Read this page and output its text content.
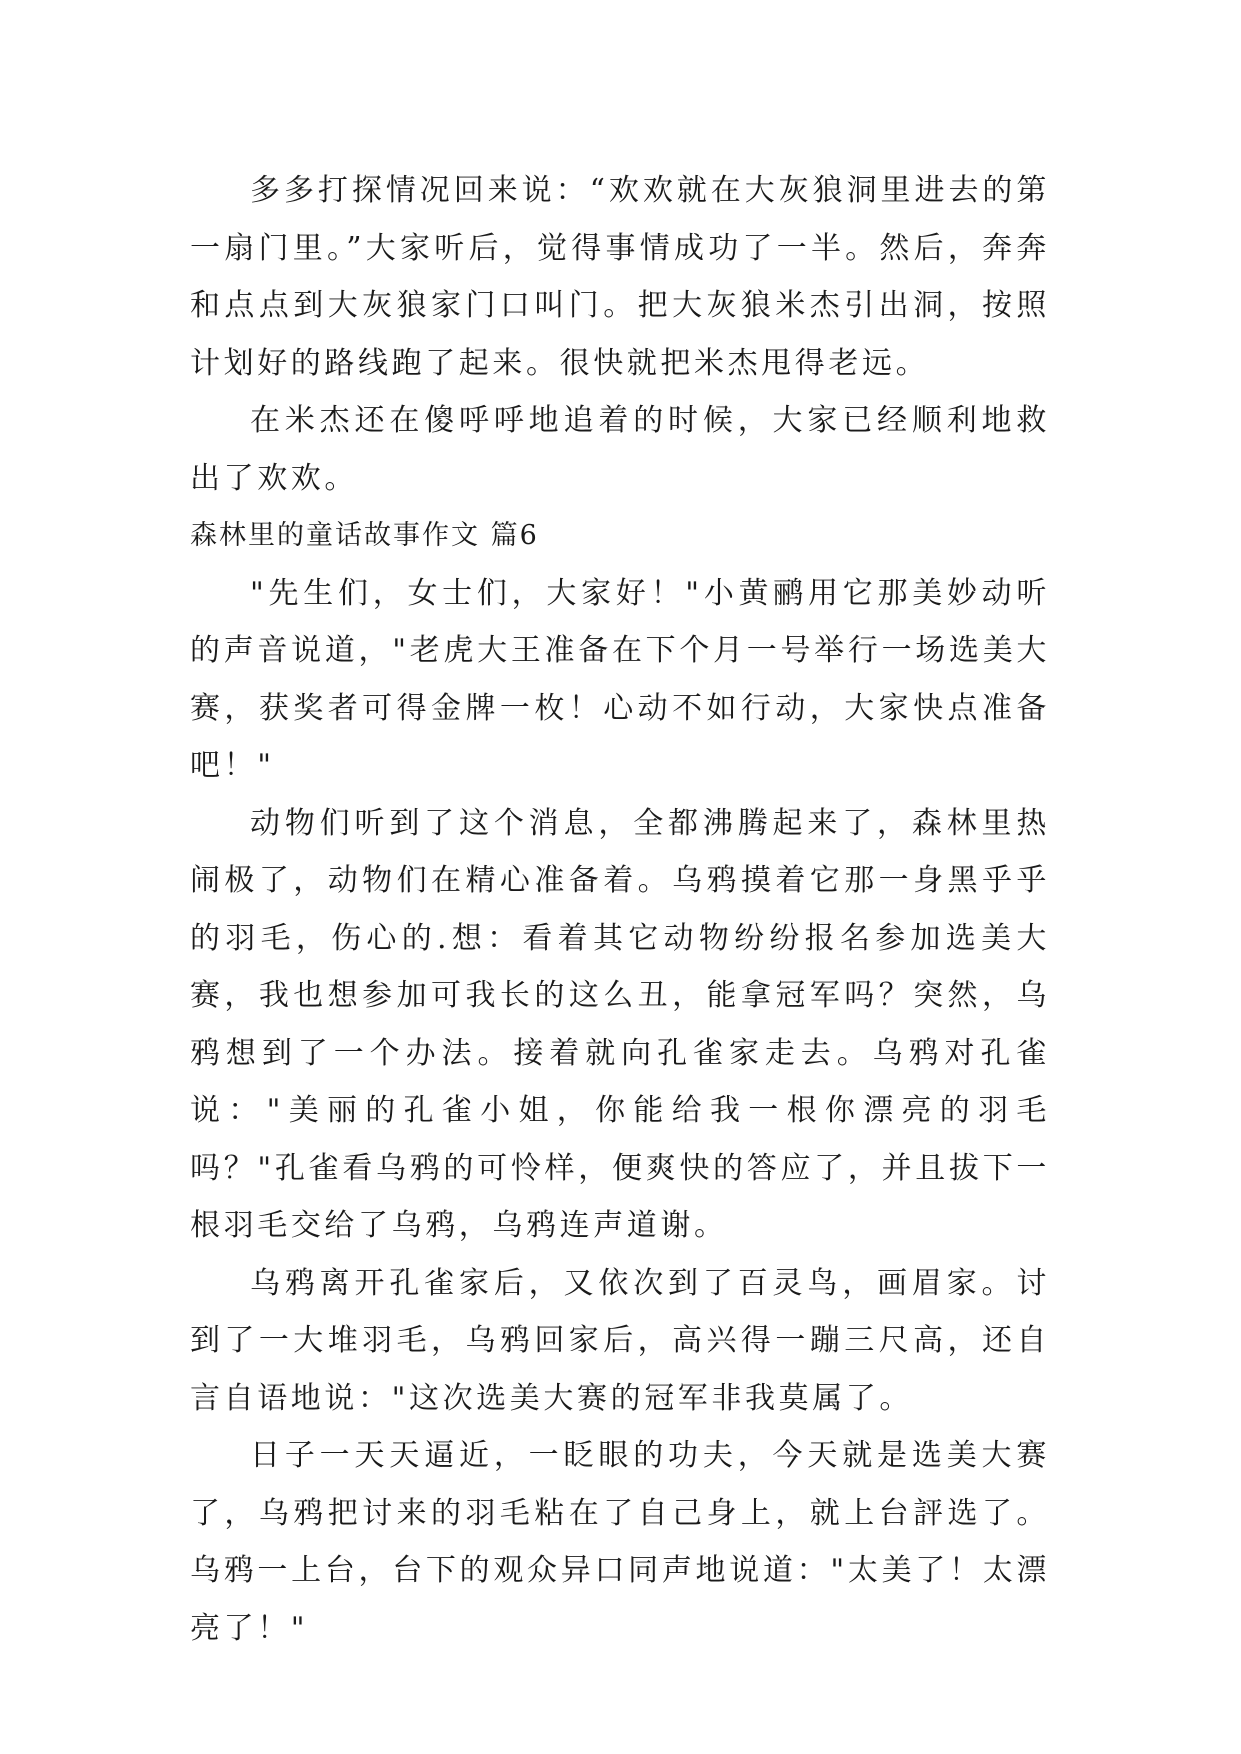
多多打探情况回来说：“欢欢就在大灰狼洞里进去的第一扇门里。”大家听后，觉得事情成功了一半。然后，奔奔和点点到大灰狼家门口叫门。把大灰狼米杰引出洞，按照计划好的路线跑了起来。很快就把米杰甩得老远。

在米杰还在傻呼呼地追着的时候，大家已经顺利地救出了欢欢。

森林里的童话故事作文 篇6

"先生们，女士们，大家好！"小黄鹂用它那美妙动听的声音说道，"老虎大王准备在下个月一号举行一场选美大赛，获奖者可得金牌一枚！心动不如行动，大家快点准备吧！"

动物们听到了这个消息，全都沸腾起来了，森林里热闹极了，动物们在精心准备着。乌鸦摸着它那一身黑乎乎的羽毛，伤心的.想：看着其它动物纷纷报名参加选美大赛，我也想参加可我长的这么丑，能拿冠军吗？突然，乌鸦想到了一个办法。接着就向孔雀家走去。乌鸦对孔雀说："美丽的孔雀小姐，你能给我一根你漂亮的羽毛吗？"孔雀看乌鸦的可怜样，便爽快的答应了，并且拔下一根羽毛交给了乌鸦，乌鸦连声道谢。

乌鸦离开孔雀家后，又依次到了百灵鸟，画眉家。讨到了一大堆羽毛，乌鸦回家后，高兴得一蹦三尺高，还自言自语地说："这次选美大赛的冠军非我莫属了。

日子一天天逼近，一眨眼的功夫，今天就是选美大赛了，乌鸦把讨来的羽毛粘在了自己身上，就上台評选了。乌鸦一上台，台下的观众异口同声地说道："太美了！太漂亮了！"
